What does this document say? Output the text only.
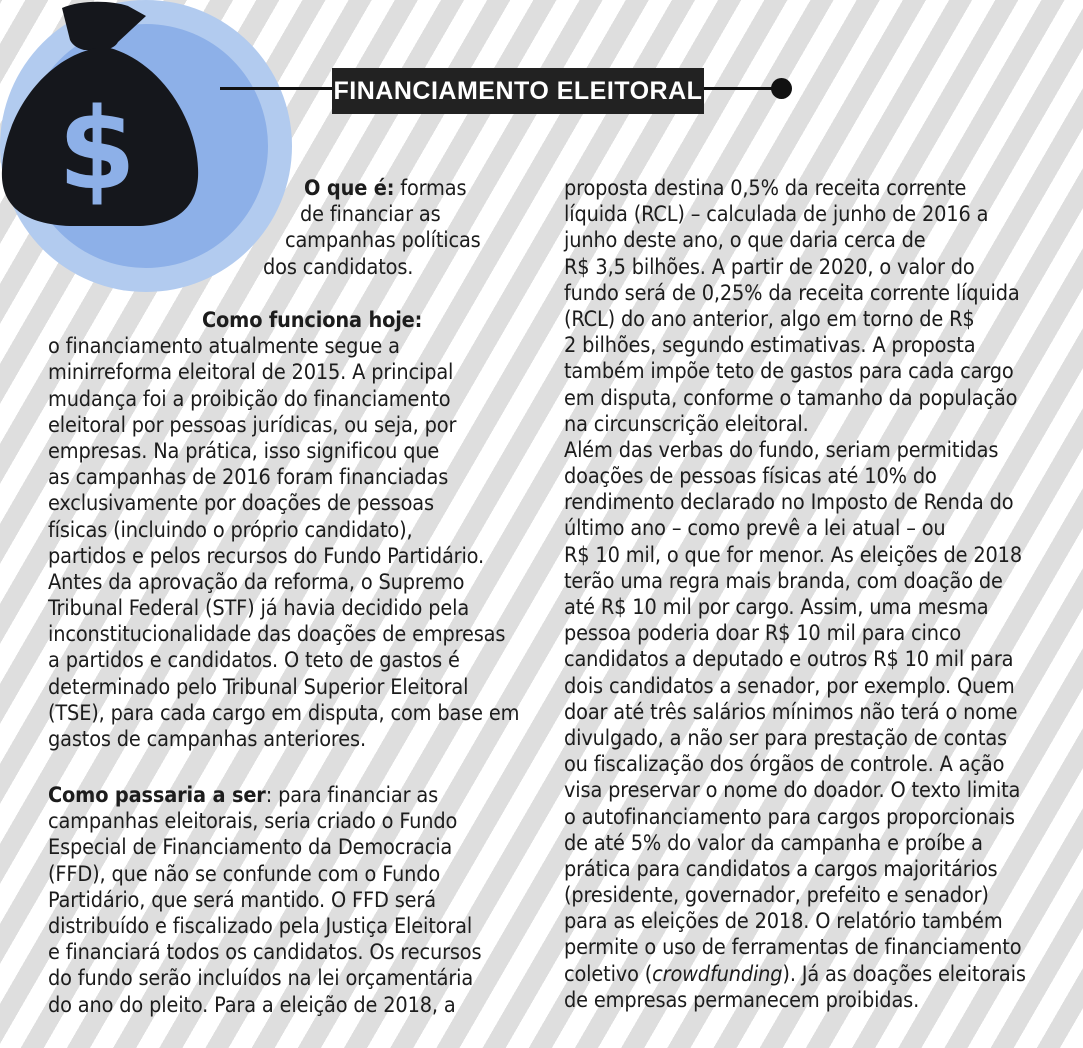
$	FINANCIAMENTO ELEITORAL
O que é: formas
de financiar as
campanhas políticas
dos candidatos.
Como funciona hoje:
o financiamento atualmente segue a
minirreforma eleitoral de 2015. A principal
mudança foi a proibição do financiamento
eleitoral por pessoas jurídicas, ou seja, por
empresas. Na prática, isso significou que
as campanhas de 2016 foram financiadas
exclusivamente por doações de pessoas
físicas (incluindo o próprio candidato),
partidos e pelos recursos do Fundo Partidário.
Antes da aprovação da reforma, o Supremo
Tribunal Federal (STF) já havia decidido pela
inconstitucionalidade das doações de empresas
a partidos e candidatos. O teto de gastos é
determinado pelo Tribunal Superior Eleitoral
(TSE), para cada cargo em disputa, com base em
gastos de campanhas anteriores.
Como passaria a ser: para financiar as
campanhas eleitorais, seria criado o Fundo
Especial de Financiamento da Democracia
(FFD), que não se confunde com o Fundo
Partidário, que será mantido. O FFD será
distribuído e fiscalizado pela Justiça Eleitoral
e financiará todos os candidatos. Os recursos
do fundo serão incluídos na lei orçamentária
do ano do pleito. Para a eleição de 2018, a
proposta destina 0,5% da receita corrente
líquida (RCL) – calculada de junho de 2016 a
junho deste ano, o que daria cerca de
R$ 3,5 bilhões. A partir de 2020, o valor do
fundo será de 0,25% da receita corrente líquida
(RCL) do ano anterior, algo em torno de R$
2 bilhões, segundo estimativas. A proposta
também impõe teto de gastos para cada cargo
em disputa, conforme o tamanho da população
na circunscrição eleitoral.
Além das verbas do fundo, seriam permitidas
doações de pessoas físicas até 10% do
rendimento declarado no Imposto de Renda do
último ano – como prevê a lei atual – ou
R$ 10 mil, o que for menor. As eleições de 2018
terão uma regra mais branda, com doação de
até R$ 10 mil por cargo. Assim, uma mesma
pessoa poderia doar R$ 10 mil para cinco
candidatos a deputado e outros R$ 10 mil para
dois candidatos a senador, por exemplo. Quem
doar até três salários mínimos não terá o nome
divulgado, a não ser para prestação de contas
ou fiscalização dos órgãos de controle. A ação
visa preservar o nome do doador. O texto limita
o autofinanciamento para cargos proporcionais
de até 5% do valor da campanha e proíbe a
prática para candidatos a cargos majoritários
(presidente, governador, prefeito e senador)
para as eleições de 2018. O relatório também
permite o uso de ferramentas de financiamento
coletivo (crowdfunding). Já as doações eleitorais
de empresas permanecem proibidas.
